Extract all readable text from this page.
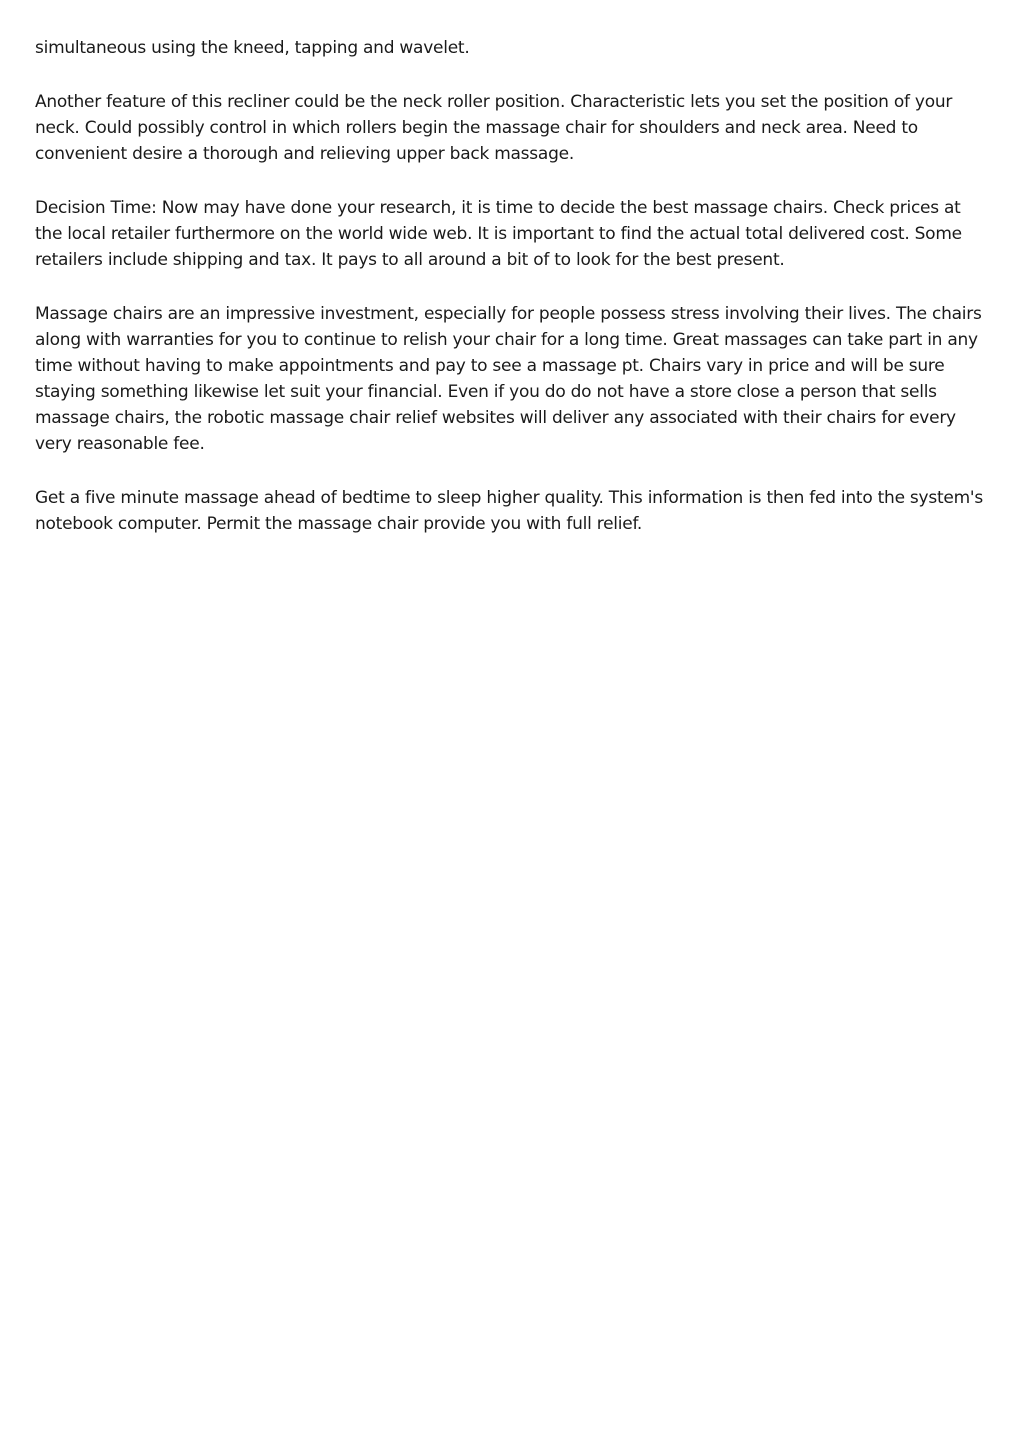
simultaneous using the kneed, tapping and wavelet.

Another feature of this recliner could be the neck roller position. Characteristic lets you set the position of your neck. Could possibly control in which rollers begin the massage chair for shoulders and neck area. Need to convenient desire a thorough and relieving upper back massage.

Decision Time: Now may have done your research, it is time to decide the best massage chairs. Check prices at the local retailer furthermore on the world wide web. It is important to find the actual total delivered cost. Some retailers include shipping and tax. It pays to all around a bit of to look for the best present.

Massage chairs are an impressive investment, especially for people possess stress involving their lives. The chairs along with warranties for you to continue to relish your chair for a long time. Great massages can take part in any time without having to make appointments and pay to see a massage pt. Chairs vary in price and will be sure staying something likewise let suit your financial. Even if you do do not have a store close a person that sells massage chairs, the robotic massage chair relief websites will deliver any associated with their chairs for every very reasonable fee.

Get a five minute massage ahead of bedtime to sleep higher quality. This information is then fed into the system's notebook computer. Permit the massage chair provide you with full relief.
